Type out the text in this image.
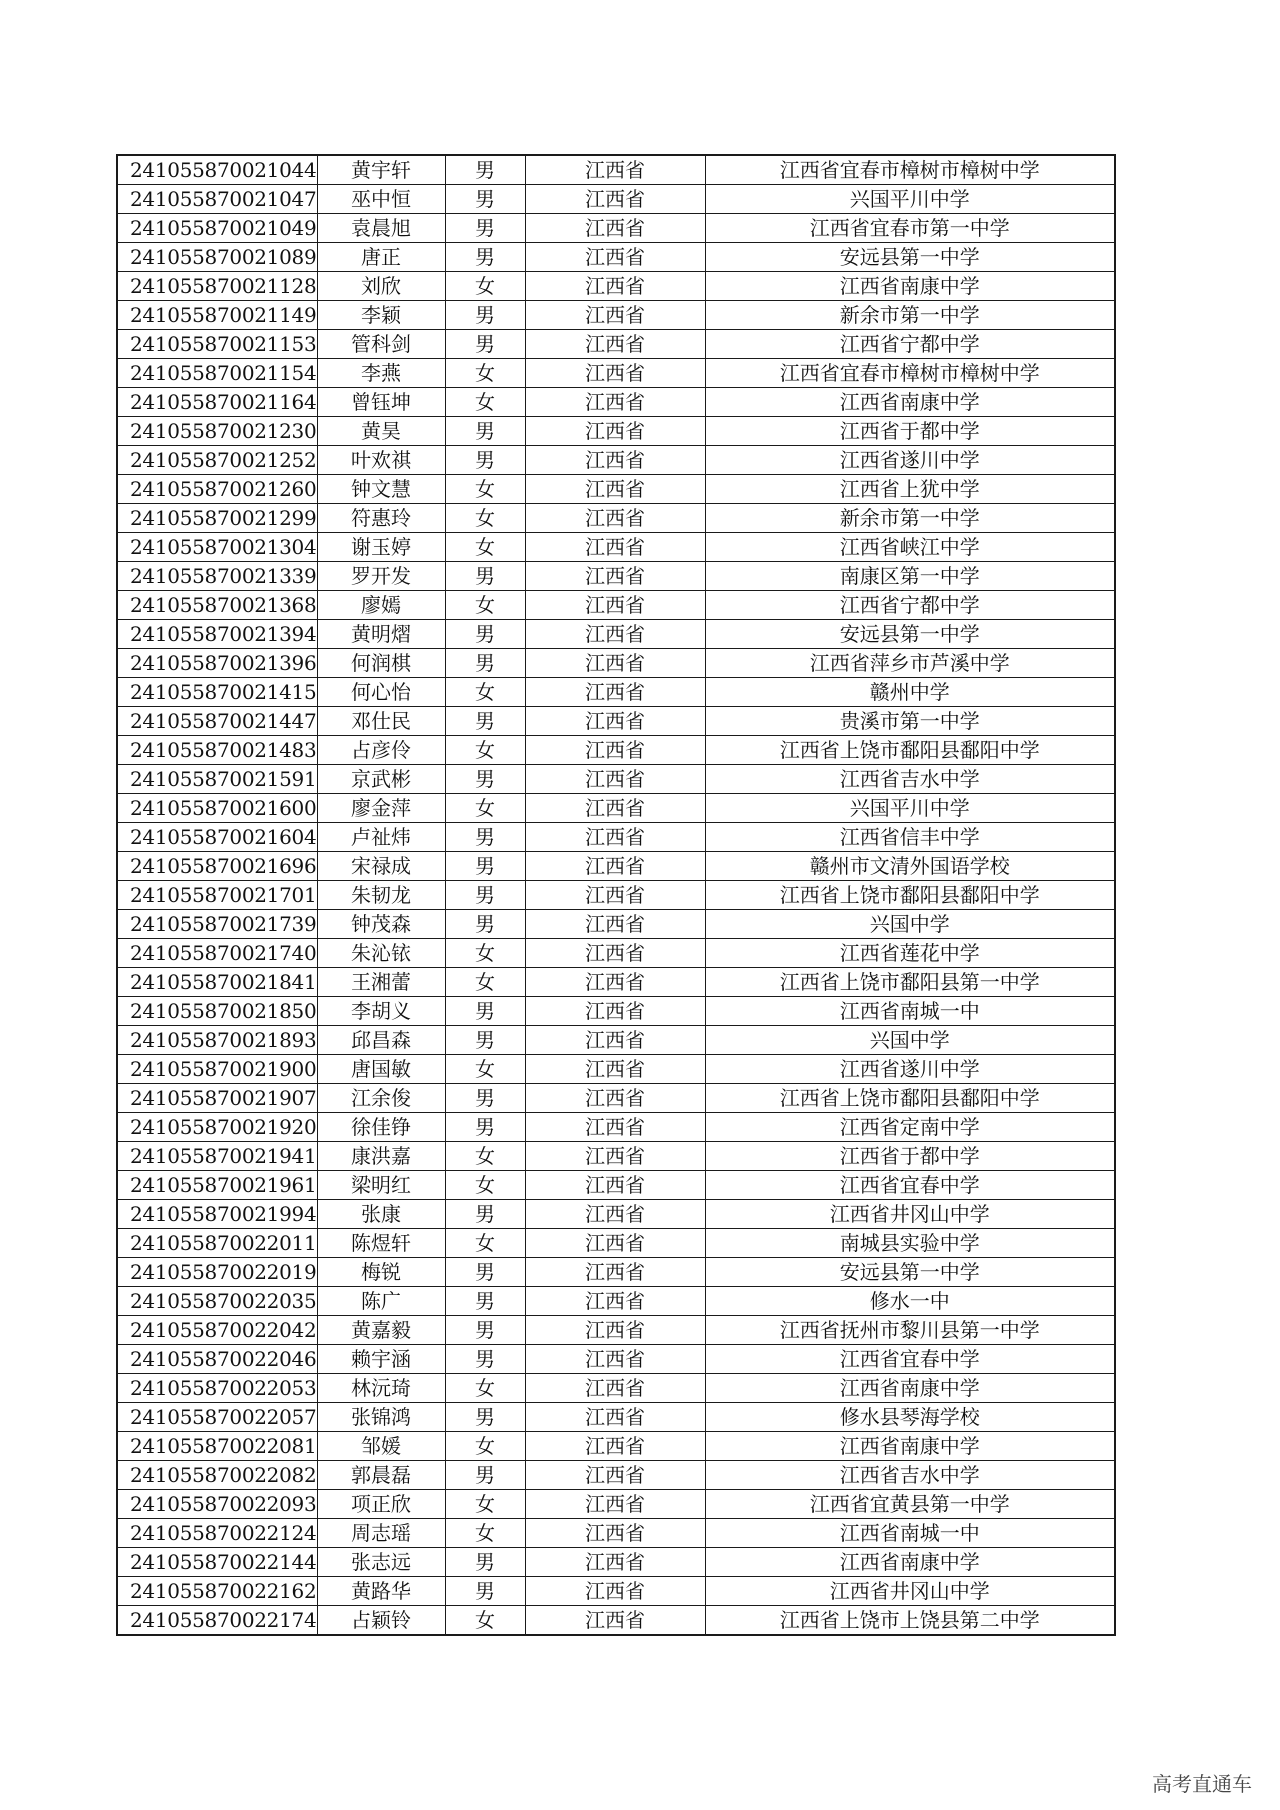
241055870021044	黄宇轩	男	江西省	江西省宜春市樟树市樟树中学
241055870021047	巫中恒	男	江西省	兴国平川中学
241055870021049	袁晨旭	男	江西省	江西省宜春市第一中学
241055870021089	唐正	男	江西省	安远县第一中学
241055870021128	刘欣	女	江西省	江西省南康中学
241055870021149	李颖	男	江西省	新余市第一中学
241055870021153	管科剑	男	江西省	江西省宁都中学
241055870021154	李燕	女	江西省	江西省宜春市樟树市樟树中学
241055870021164	曾钰坤	女	江西省	江西省南康中学
241055870021230	黄昊	男	江西省	江西省于都中学
241055870021252	叶欢祺	男	江西省	江西省遂川中学
241055870021260	钟文慧	女	江西省	江西省上犹中学
241055870021299	符惠玲	女	江西省	新余市第一中学
241055870021304	谢玉婷	女	江西省	江西省峡江中学
241055870021339	罗开发	男	江西省	南康区第一中学
241055870021368	廖嫣	女	江西省	江西省宁都中学
241055870021394	黄明熠	男	江西省	安远县第一中学
241055870021396	何润棋	男	江西省	江西省萍乡市芦溪中学
241055870021415	何心怡	女	江西省	赣州中学
241055870021447	邓仕民	男	江西省	贵溪市第一中学
241055870021483	占彦伶	女	江西省	江西省上饶市鄱阳县鄱阳中学
241055870021591	京武彬	男	江西省	江西省吉水中学
241055870021600	廖金萍	女	江西省	兴国平川中学
241055870021604	卢祉炜	男	江西省	江西省信丰中学
241055870021696	宋禄成	男	江西省	赣州市文清外国语学校
241055870021701	朱韧龙	男	江西省	江西省上饶市鄱阳县鄱阳中学
241055870021739	钟茂森	男	江西省	兴国中学
241055870021740	朱沁铱	女	江西省	江西省莲花中学
241055870021841	王湘蕾	女	江西省	江西省上饶市鄱阳县第一中学
241055870021850	李胡义	男	江西省	江西省南城一中
241055870021893	邱昌森	男	江西省	兴国中学
241055870021900	唐国敏	女	江西省	江西省遂川中学
241055870021907	江余俊	男	江西省	江西省上饶市鄱阳县鄱阳中学
241055870021920	徐佳铮	男	江西省	江西省定南中学
241055870021941	康洪嘉	女	江西省	江西省于都中学
241055870021961	梁明红	女	江西省	江西省宜春中学
241055870021994	张康	男	江西省	江西省井冈山中学
241055870022011	陈煜轩	女	江西省	南城县实验中学
241055870022019	梅锐	男	江西省	安远县第一中学
241055870022035	陈广	男	江西省	修水一中
241055870022042	黄嘉毅	男	江西省	江西省抚州市黎川县第一中学
241055870022046	赖宇涵	男	江西省	江西省宜春中学
241055870022053	林沅琦	女	江西省	江西省南康中学
241055870022057	张锦鸿	男	江西省	修水县琴海学校
241055870022081	邹媛	女	江西省	江西省南康中学
241055870022082	郭晨磊	男	江西省	江西省吉水中学
241055870022093	项正欣	女	江西省	江西省宜黄县第一中学
241055870022124	周志瑶	女	江西省	江西省南城一中
241055870022144	张志远	男	江西省	江西省南康中学
241055870022162	黄路华	男	江西省	江西省井冈山中学
241055870022174	占颖铃	女	江西省	江西省上饶市上饶县第二中学
高考直通车
